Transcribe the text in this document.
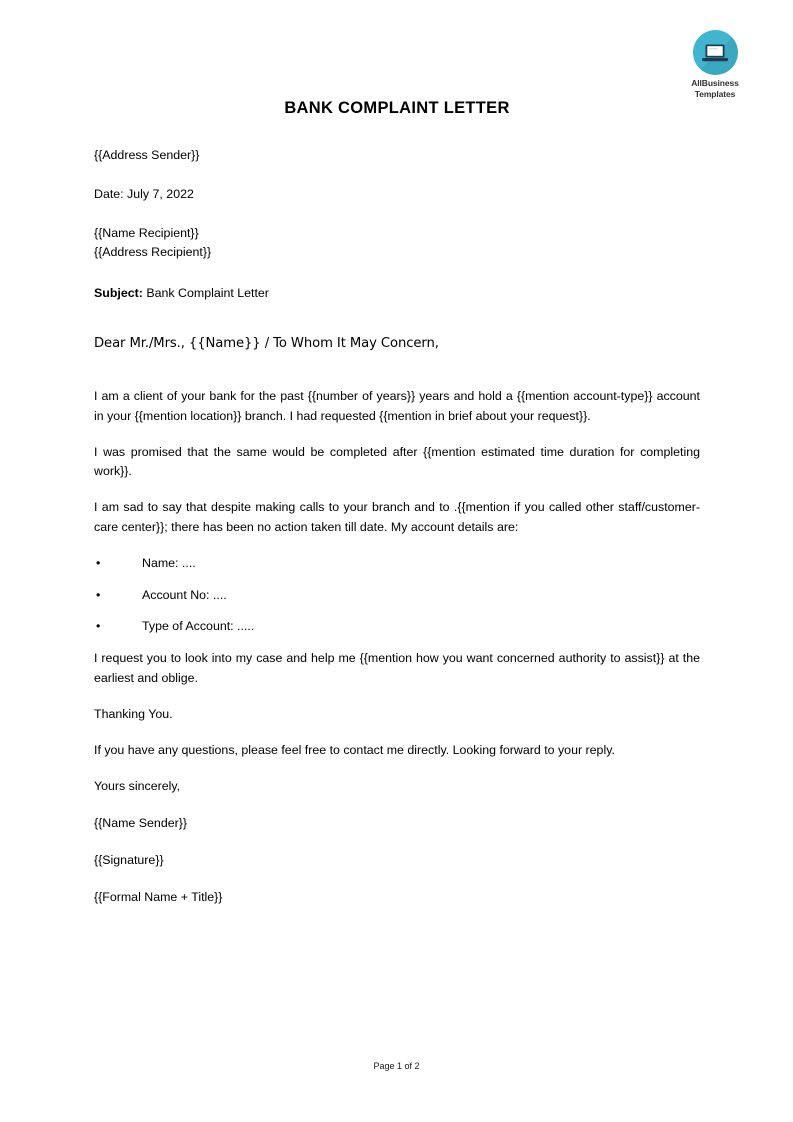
AllBusiness
Templates
BANK COMPLAINT LETTER

{{Address Sender}}

Date: July 7, 2022

{{Name Recipient}}

{{Address Recipient}}

Subject: Bank Complaint Letter

Dear Mr./Mrs., {{Name}} / To Whom It May Concern,

I am a client of your bank for the past {{number of years}} years and hold a {{mention account-type}} account in your {{mention location}} branch. I had requested {{mention in brief about your request}}.

I was promised that the same would be completed after {{mention estimated time duration for completing work}}.

I am sad to say that despite making calls to your branch and to .{{mention if you called other staff/customer-care center}}; there has been no action taken till date. My account details are:

•	Name: ....
•	Account No: ....
•	Type of Account: .....

I request you to look into my case and help me {{mention how you want concerned authority to assist}} at the earliest and oblige.

Thanking You.

If you have any questions, please feel free to contact me directly. Looking forward to your reply.

Yours sincerely,

{{Name Sender}}

{{Signature}}

{{Formal Name + Title}}

Page 1 of 2
